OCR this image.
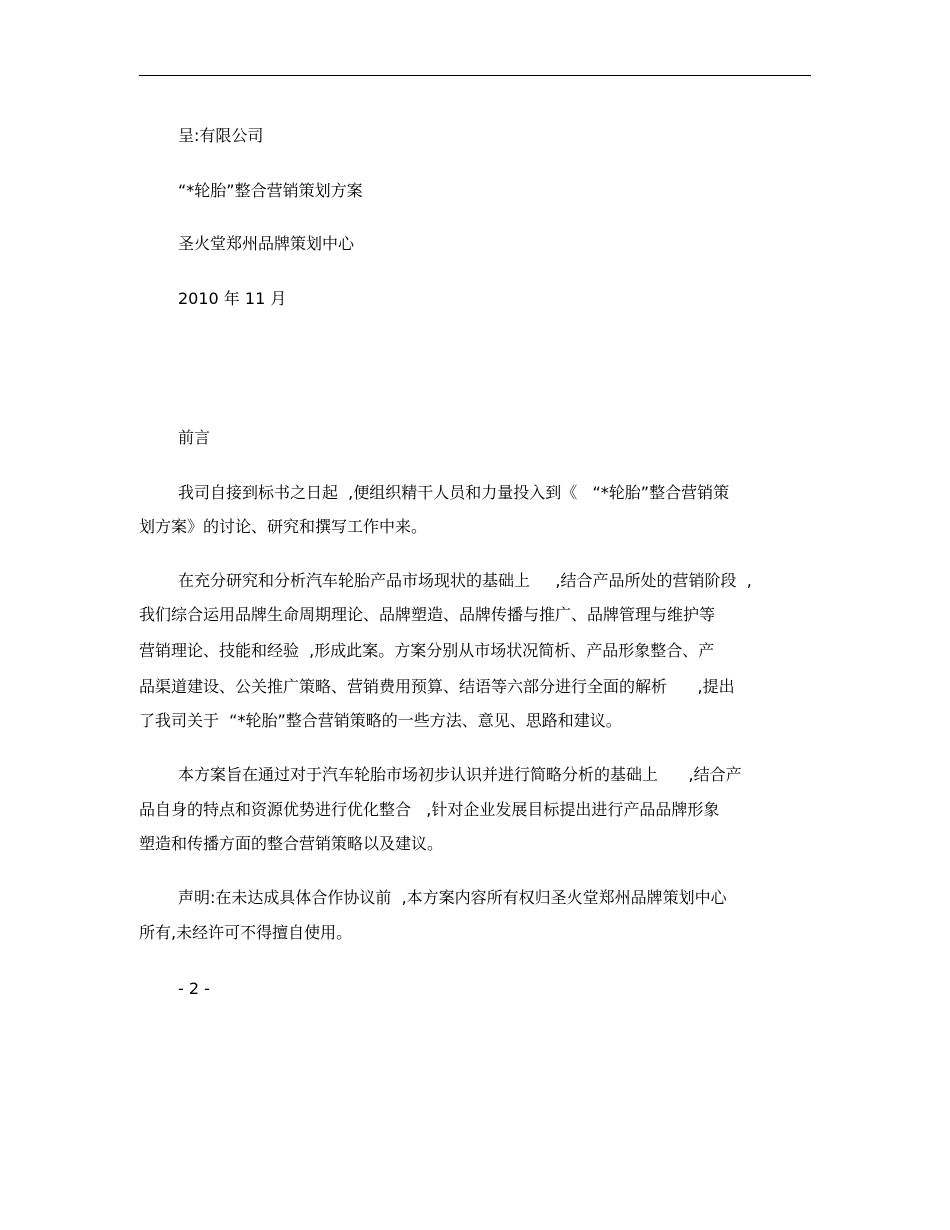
呈:有限公司
“*轮胎”整合营销策划方案
圣火堂郑州品牌策划中心
2010 年 11 月
前言
我司自接到标书之日起  ,便组织精干人员和力量投入到《   “*轮胎”整合营销策
划方案》的讨论、研究和撰写工作中来。
在充分研究和分析汽车轮胎产品市场现状的基础上     ,结合产品所处的营销阶段  ,
我们综合运用品牌生命周期理论、品牌塑造、品牌传播与推广、品牌管理与维护等
营销理论、技能和经验  ,形成此案。方案分别从市场状况简析、产品形象整合、产
品渠道建设、公关推广策略、营销费用预算、结语等六部分进行全面的解析      ,提出
了我司关于  “*轮胎”整合营销策略的一些方法、意见、思路和建议。
本方案旨在通过对于汽车轮胎市场初步认识并进行简略分析的基础上      ,结合产
品自身的特点和资源优势进行优化整合   ,针对企业发展目标提出进行产品品牌形象
塑造和传播方面的整合营销策略以及建议。
声明:在未达成具体合作协议前  ,本方案内容所有权归圣火堂郑州品牌策划中心
所有,未经许可不得擅自使用。
- 2 -
